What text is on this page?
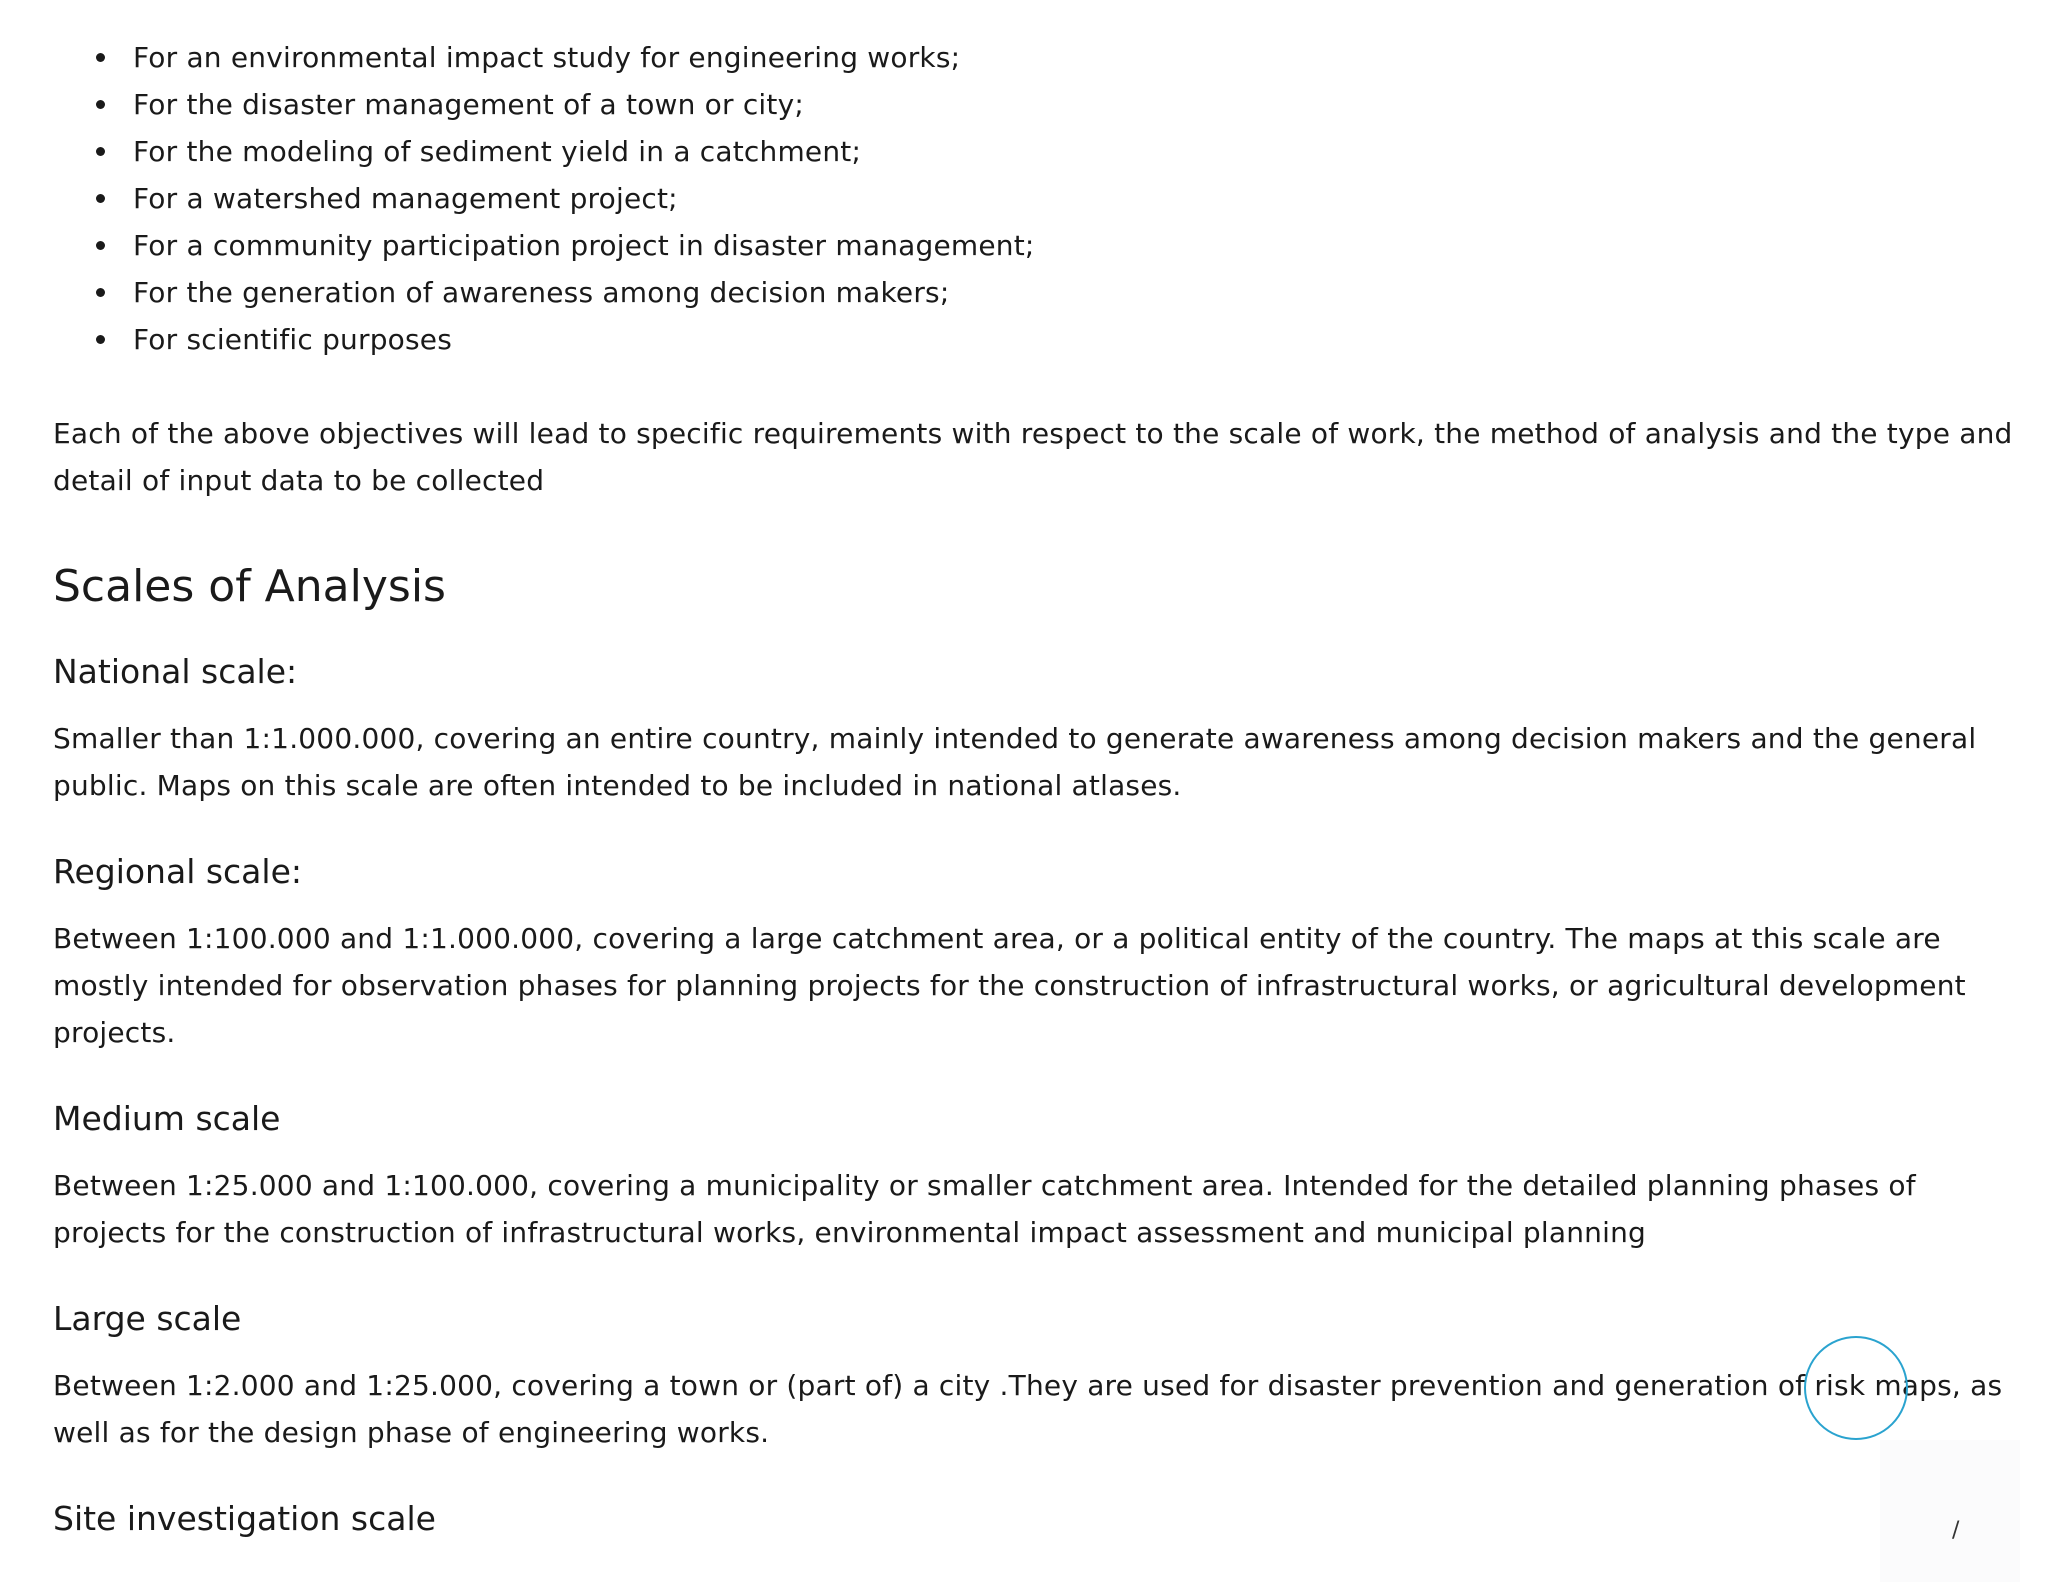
For an environmental impact study for engineering works;
For the disaster management of a town or city;
For the modeling of sediment yield in a catchment;
For a watershed management project;
For a community participation project in disaster management;
For the generation of awareness among decision makers;
For scientific purposes

Each of the above objectives will lead to specific requirements with respect to the scale of work, the method of analysis and the type and detail of input data to be collected

Scales of Analysis
National scale:

Smaller than 1:1.000.000, covering an entire country, mainly intended to generate awareness among decision makers and the general public. Maps on this scale are often intended to be included in national atlases.

Regional scale:

Between 1:100.000 and 1:1.000.000, covering a large catchment area, or a political entity of the country. The maps at this scale are mostly intended for observation phases for planning projects for the construction of infrastructural works, or agricultural development projects.

Medium scale

Between 1:25.000 and 1:100.000, covering a municipality or smaller catchment area. Intended for the detailed planning phases of projects for the construction of infrastructural works, environmental impact assessment and municipal planning

Large scale

Between 1:2.000 and 1:25.000, covering a town or (part of) a city .They are used for disaster prevention and generation of risk maps, as well as for the design phase of engineering works.

Site investigation scale	/
